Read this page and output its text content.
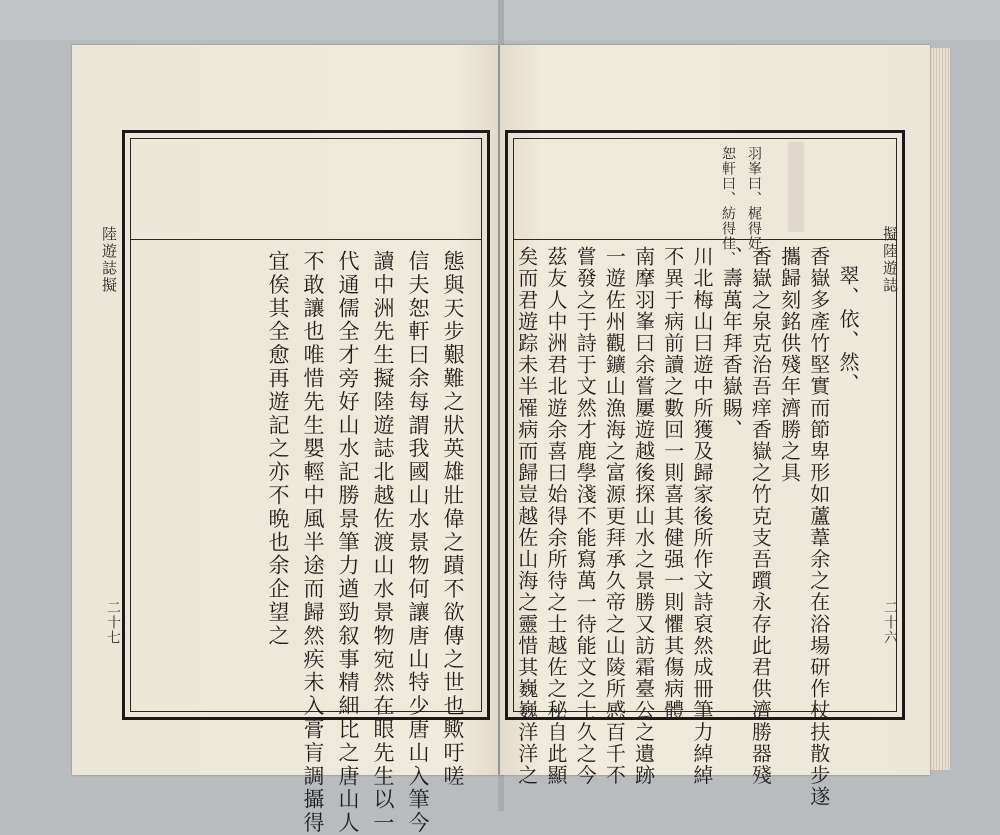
陸遊誌擬
二十七	態與天步艱難之狀英雄壯偉之蹟不欲傳之世也歟吁嗟
信夫恕軒曰余每謂我國山水景物何讓唐山特少唐山入筆今
讀中洲先生擬陸遊誌北越佐渡山水景物宛然在眼先生以一
代通儒全才旁好山水記勝景筆力遒勁叙事精細比之唐山人
不敢讓也唯惜先生嬰輕中風半途而歸然疾未入膏肓調攝得
宜俟其全愈再遊記之亦不晩也余企望之	擬陸遊誌
二十六
羽峯曰、梶得好、
恕軒曰、紡得佳、
翠、依、然、
香嶽多產竹堅實而節卑形如蘆葦余之在浴場研作杖扶散步遂
攜歸刻銘供殘年濟勝之具
香嶽之泉克治吾痒香嶽之竹克支吾躓永存此君供濟勝器殘
、壽萬年拜香嶽賜、
川北梅山曰遊中所獲及歸家後所作文詩裒然成冊筆力綽綽
不異于病前讀之數回一則喜其健强一則懼其傷病體
南摩羽峯曰余嘗屢遊越後探山水之景勝又訪霜臺公之遺跡
一遊佐州觀鑛山漁海之富源更拜承久帝之山陵所感百千不
嘗發之于詩于文然才鹿學淺不能寫萬一待能文之士久之今
茲友人中洲君北遊余喜曰始得余所待之士越佐之秘自此顯
矣而君遊踪未半罹病而歸豈越佐山海之靈惜其巍巍洋洋之
